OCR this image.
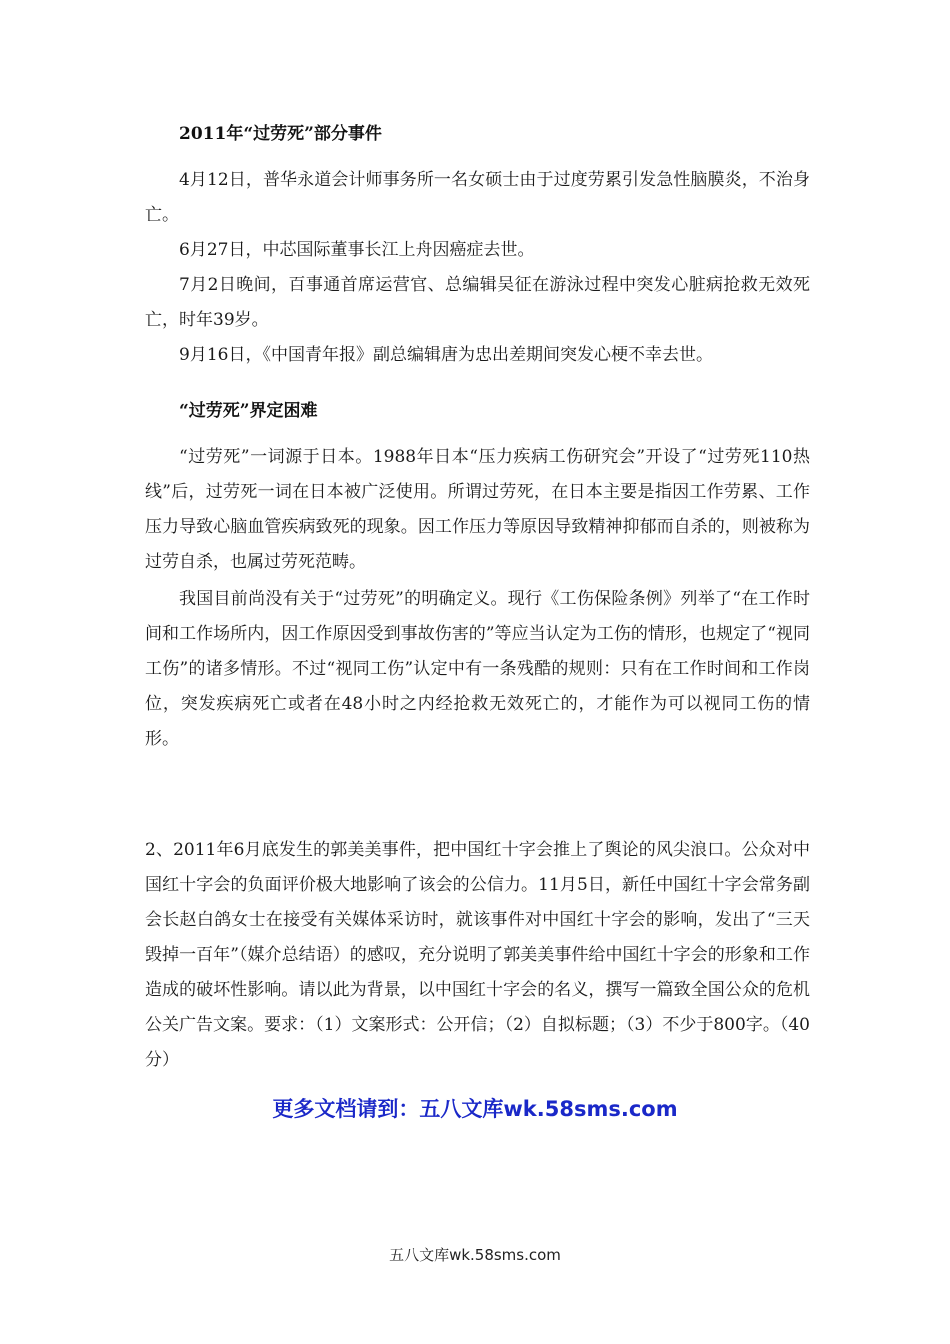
2011年“过劳死”部分事件
4月12日，普华永道会计师事务所一名女硕士由于过度劳累引发急性脑膜炎，不治身亡。
6月27日，中芯国际董事长江上舟因癌症去世。
7月2日晚间，百事通首席运营官、总编辑吴征在游泳过程中突发心脏病抢救无效死亡，时年39岁。
9月16日，《中国青年报》副总编辑唐为忠出差期间突发心梗不幸去世。
“过劳死”界定困难
“过劳死”一词源于日本。1988年日本“压力疾病工伤研究会”开设了“过劳死110热线”后，过劳死一词在日本被广泛使用。所谓过劳死，在日本主要是指因工作劳累、工作压力导致心脑血管疾病致死的现象。因工作压力等原因导致精神抑郁而自杀的，则被称为过劳自杀，也属过劳死范畴。
我国目前尚没有关于“过劳死”的明确定义。现行《工伤保险条例》列举了“在工作时间和工作场所内，因工作原因受到事故伤害的”等应当认定为工伤的情形，也规定了“视同工伤”的诸多情形。不过“视同工伤”认定中有一条残酷的规则：只有在工作时间和工作岗位，突发疾病死亡或者在48小时之内经抢救无效死亡的，才能作为可以视同工伤的情形。
2、2011年6月底发生的郭美美事件，把中国红十字会推上了舆论的风尖浪口。公众对中国红十字会的负面评价极大地影响了该会的公信力。11月5日，新任中国红十字会常务副会长赵白鸽女士在接受有关媒体采访时，就该事件对中国红十字会的影响，发出了“三天毁掉一百年”（媒介总结语）的感叹，充分说明了郭美美事件给中国红十字会的形象和工作造成的破坏性影响。请以此为背景，以中国红十字会的名义，撰写一篇致全国公众的危机公关广告文案。要求：（1）文案形式：公开信；（2）自拟标题；（3）不少于800字。（40分）
更多文档请到：五八文库wk.58sms.com
五八文库wk.58sms.com
